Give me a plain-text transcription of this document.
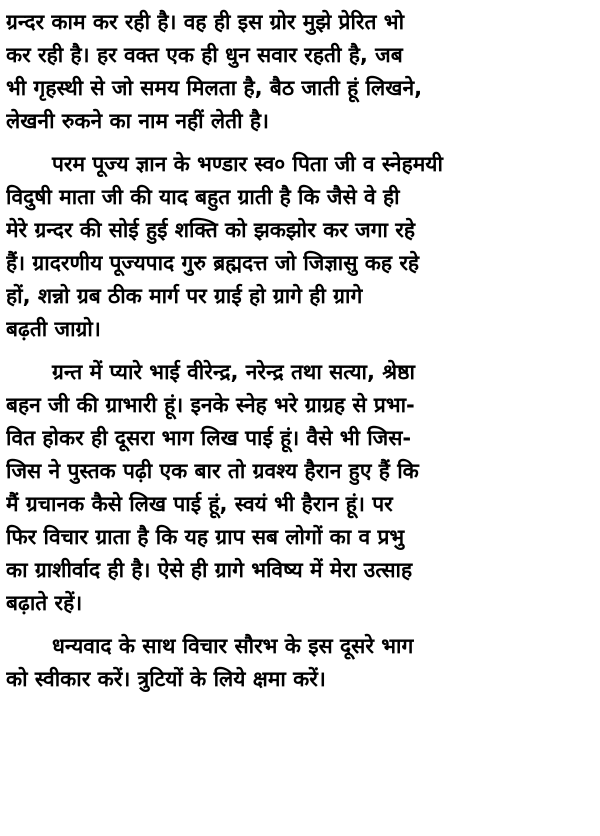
ग्रन्दर काम कर रही है। वह ही इस ग्रोर मुझे प्रेरित भो
कर रही है। हर वक्त एक ही धुन सवार रहती है, जब
भी गृहस्थी से जो समय मिलता है, बैठ जाती हूं लिखने,
लेखनी रुकने का नाम नहीं लेती है।
परम पूज्य ज्ञान के भण्डार स्व० पिता जी व स्नेहमयी
विदुषी माता जी की याद बहुत ग्राती है कि जैसे वे ही
मेरे ग्रन्दर की सोई हुई शक्ति को झकझोर कर जगा रहे
हैं। ग्रादरणीय पूज्यपाद गुरु ब्रह्मदत्त जो जिज्ञासु कह रहे
हों, शन्नो ग्रब ठीक मार्ग पर ग्राई हो ग्रागे ही ग्रागे
बढ़ती जाग्रो।
ग्रन्त में प्यारे भाई वीरेन्द्र, नरेन्द्र तथा सत्या, श्रेष्ठा
बहन जी की ग्राभारी हूं। इनके स्नेह भरे ग्राग्रह से प्रभा-
वित होकर ही दूसरा भाग लिख पाई हूं। वैसे भी जिस-
जिस ने पुस्तक पढ़ी एक बार तो ग्रवश्य हैरान हुए हैं कि
मैं ग्रचानक कैसे लिख पाई हूं, स्वयं भी हैरान हूं। पर
फिर विचार ग्राता है कि यह ग्राप सब लोगों का व प्रभु
का ग्राशीर्वाद ही है। ऐसे ही ग्रागे भविष्य में मेरा उत्साह
बढ़ाते रहें।
धन्यवाद के साथ विचार सौरभ के इस दूसरे भाग
को स्वीकार करें। त्रुटियों के लिये क्षमा करें।
